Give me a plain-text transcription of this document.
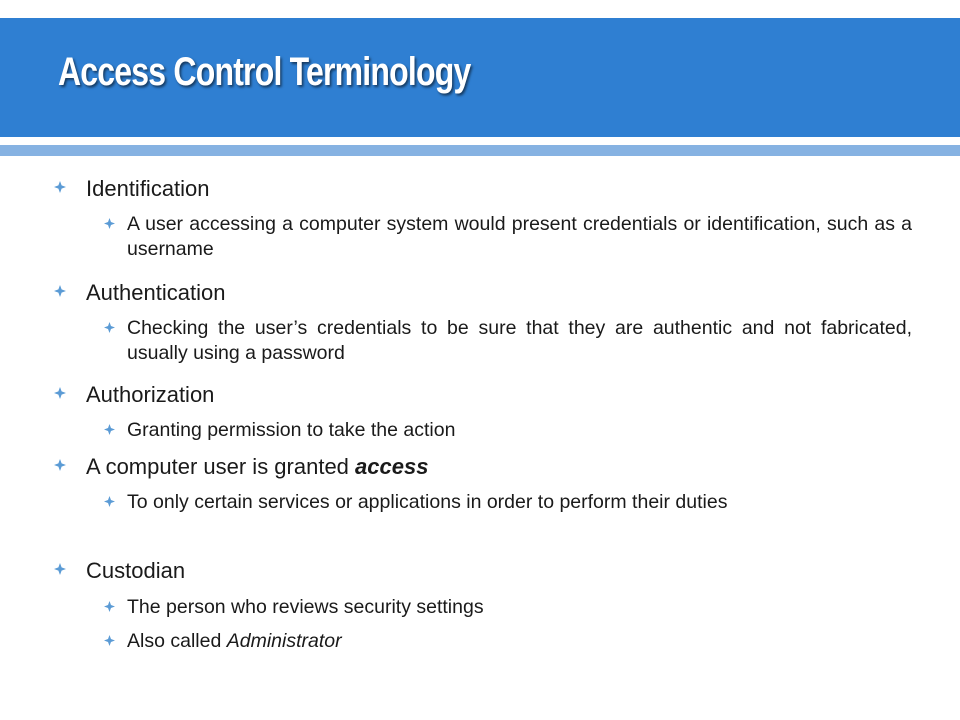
Access Control Terminology
Identification
A user accessing a computer system would present credentials or identification, such as a username
Authentication
Checking the user’s credentials to be sure that they are authentic and not fabricated, usually using a password
Authorization
Granting permission to take the action
A computer user is granted access
To only certain services or applications in order to perform their duties
Custodian
The person who reviews security settings
Also called Administrator
